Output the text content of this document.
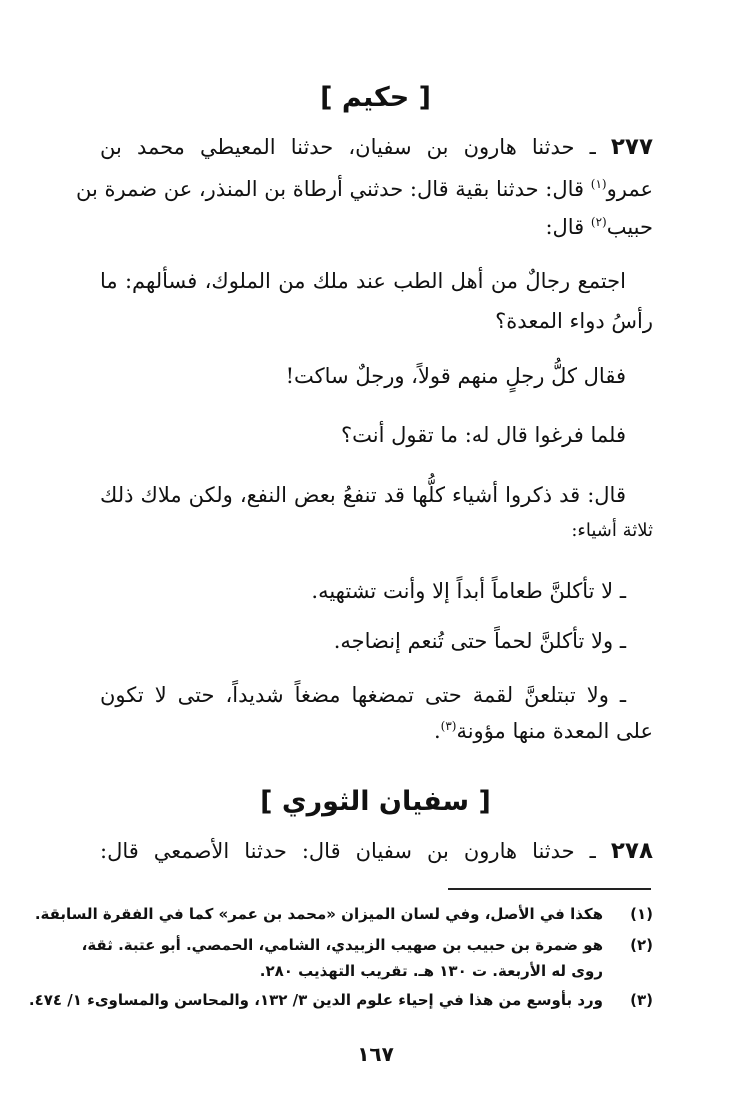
[ حكيم ]
٢٧٧ ـ حدثنا هارون بن سفيان، حدثنا المعيطي محمد بن
عمرو$^{(١)}$ قال: حدثنا بقية قال: حدثني أرطاة بن المنذر، عن ضمرة بن
حبيب$^{(٢)}$ قال:
اجتمع رجالٌ من أهل الطب عند ملك من الملوك، فسألهم: ما
رأسُ دواء المعدة؟
فقال كلُّ رجلٍ منهم قولاً، ورجلٌ ساكت!
فلما فرغوا قال له: ما تقول أنت؟
قال: قد ذكروا أشياء كلُّها قد تنفعُ بعض النفع، ولكن ملاك ذلك
ثلاثة أشياء:
ـ لا تأكلنَّ طعاماً أبداً إلا وأنت تشتهيه.
ـ ولا تأكلنَّ لحماً حتى تُنعم إنضاجه.
ـ ولا تبتلعنَّ لقمة حتى تمضغها مضغاً شديداً، حتى لا تكون
على المعدة منها مؤونة$^{(٣)}$.
[ سفيان الثوري ]
٢٧٨ ـ حدثنا هارون بن سفيان قال: حدثنا الأصمعي قال:
(١)
هكذا في الأصل، وفي لسان الميزان «محمد بن عمر» كما في الفقرة السابقة.
(٢)
هو ضمرة بن حبيب بن صهيب الزبيدي، الشامي، الحمصي. أبو عتبة. ثقة،
روى له الأربعة. ت ١٣٠ هـ. تقريب التهذيب ٢٨٠.
(٣)
ورد بأوسع من هذا في إحياء علوم الدين ٣/ ١٣٢، والمحاسن والمساوىء ١/ ٤٧٤.
١٦٧
